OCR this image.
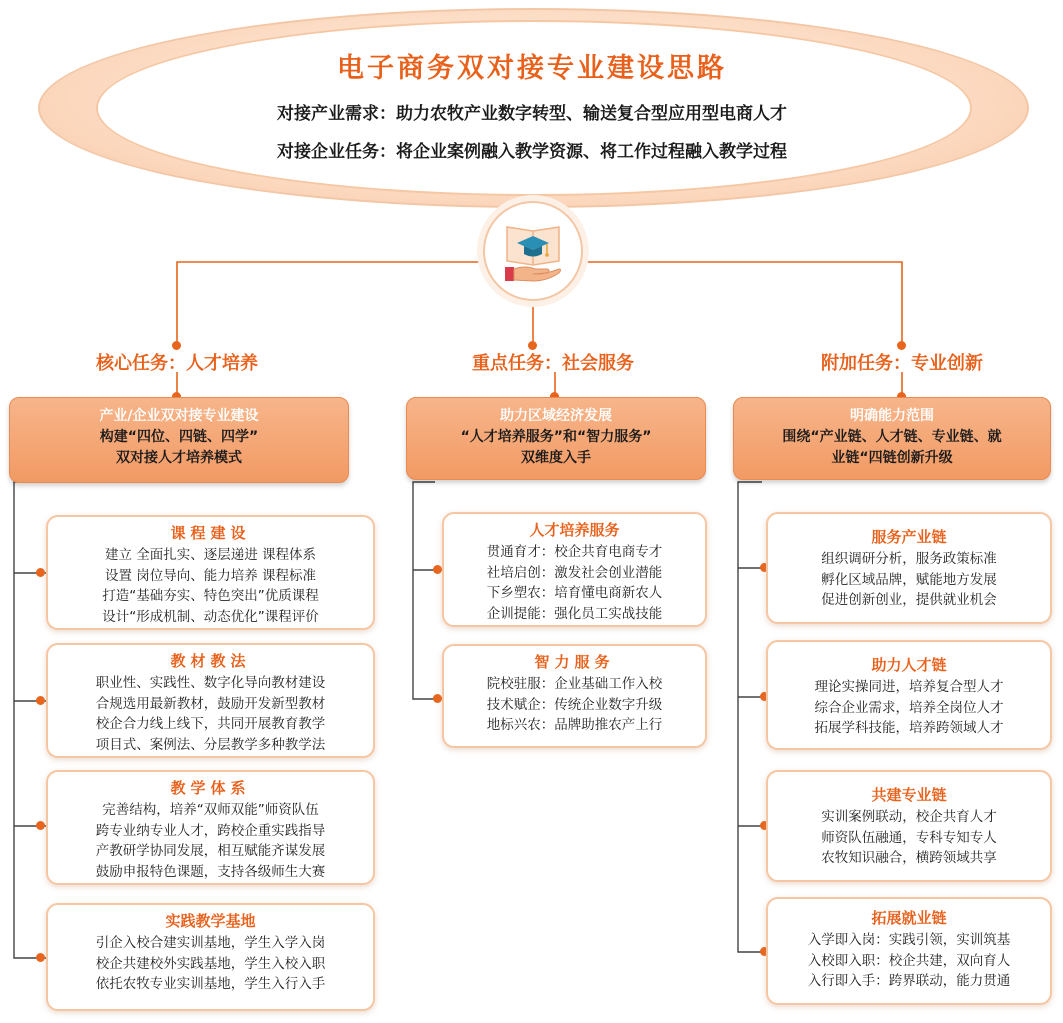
电子商务双对接专业建设思路
对接产业需求：助力农牧产业数字转型、输送复合型应用型电商人才
对接企业任务：将企业案例融入教学资源、将工作过程融入教学过程
核心任务：人才培养
产业/企业双对接专业建设
构建“四位、四链、四学”
双对接人才培养模式
课程建设
建立 全面扎实、逐层递进 课程体系
设置 岗位导向、能力培养 课程标准
打造“基础夯实、特色突出”优质课程
设计“形成机制、动态优化”课程评价
教材教法
职业性、实践性、数字化导向教材建设
合规选用最新教材，鼓励开发新型教材
校企合力线上线下，共同开展教育教学
项目式、案例法、分层教学多种教学法
教学体系
完善结构，培养“双师双能”师资队伍
跨专业纳专业人才，跨校企重实践指导
产教研学协同发展，相互赋能齐谋发展
鼓励申报特色课题，支持各级师生大赛
实践教学基地
引企入校合建实训基地，学生入学入岗
校企共建校外实践基地，学生入校入职
依托农牧专业实训基地，学生入行入手
重点任务：社会服务
助力区域经济发展
“人才培养服务”和“智力服务”
双维度入手
人才培养服务
贯通育才：校企共育电商专才
社培启创：激发社会创业潜能
下乡塑农：培育懂电商新农人
企训提能：强化员工实战技能
智力服务
院校驻服：企业基础工作入校
技术赋企：传统企业数字升级
地标兴农：品牌助推农产上行
附加任务：专业创新
明确能力范围
围绕“产业链、人才链、专业链、就
业链“四链创新升级
服务产业链
组织调研分析，服务政策标准
孵化区域品牌，赋能地方发展
促进创新创业，提供就业机会
助力人才链
理论实操同进，培养复合型人才
综合企业需求，培养全岗位人才
拓展学科技能，培养跨领域人才
共建专业链
实训案例联动，校企共育人才
师资队伍融通，专科专知专人
农牧知识融合，横跨领域共享
拓展就业链
入学即入岗：实践引领，实训筑基
入校即入职：校企共建，双向育人
入行即入手：跨界联动，能力贯通
